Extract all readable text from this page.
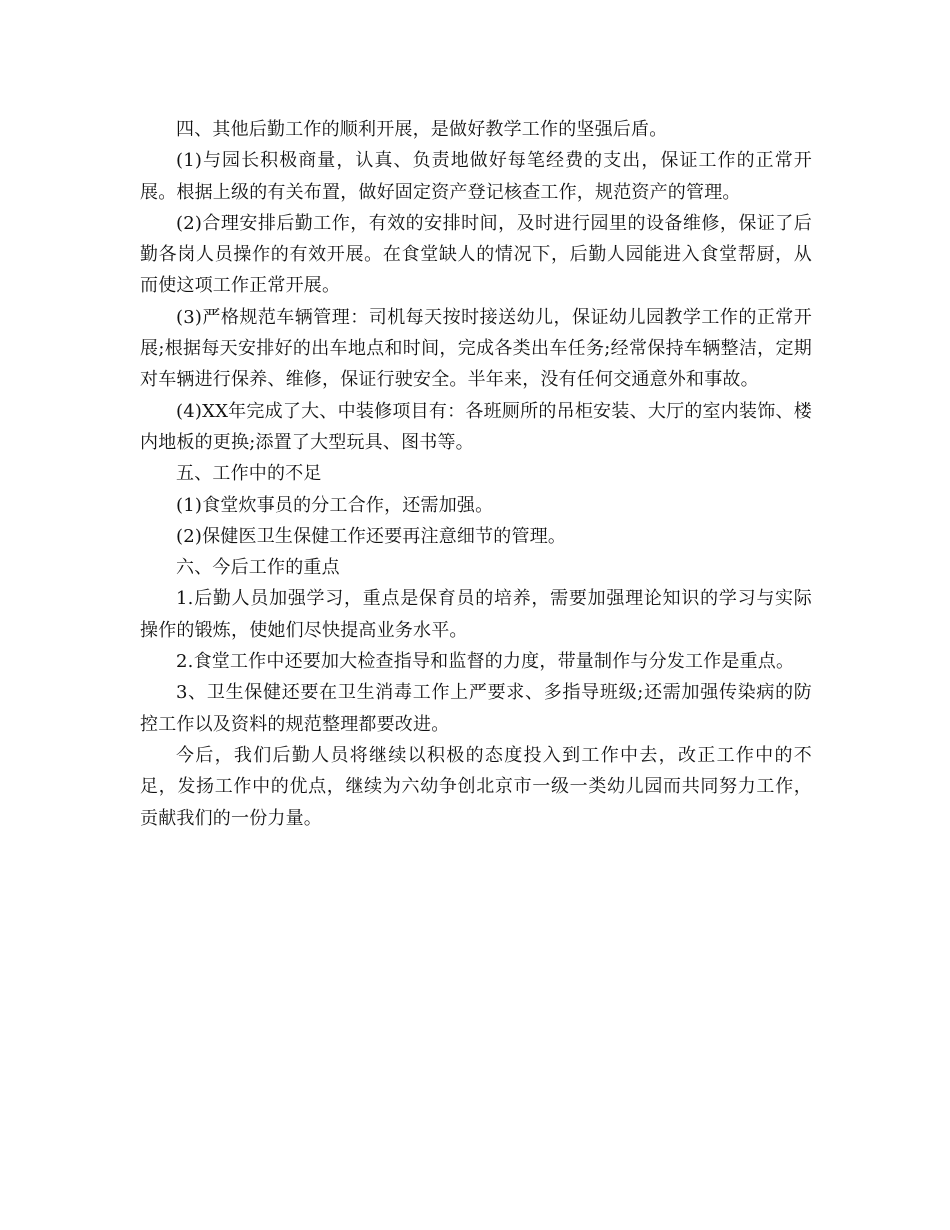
四、其他后勤工作的顺利开展，是做好教学工作的坚强后盾。

(1)与园长积极商量，认真、负责地做好每笔经费的支出，保证工作的正常开展。根据上级的有关布置，做好固定资产登记核查工作，规范资产的管理。

(2)合理安排后勤工作，有效的安排时间，及时进行园里的设备维修，保证了后勤各岗人员操作的有效开展。在食堂缺人的情况下，后勤人园能进入食堂帮厨，从而使这项工作正常开展。

(3)严格规范车辆管理：司机每天按时接送幼儿，保证幼儿园教学工作的正常开展;根据每天安排好的出车地点和时间，完成各类出车任务;经常保持车辆整洁，定期对车辆进行保养、维修，保证行驶安全。半年来，没有任何交通意外和事故。

(4)XX年完成了大、中装修项目有：各班厕所的吊柜安装、大厅的室内装饰、楼内地板的更换;添置了大型玩具、图书等。

五、工作中的不足

(1)食堂炊事员的分工合作，还需加强。

(2)保健医卫生保健工作还要再注意细节的管理。

六、今后工作的重点

1.后勤人员加强学习，重点是保育员的培养，需要加强理论知识的学习与实际操作的锻炼，使她们尽快提高业务水平。

2.食堂工作中还要加大检查指导和监督的力度，带量制作与分发工作是重点。

3、卫生保健还要在卫生消毒工作上严要求、多指导班级;还需加强传染病的防控工作以及资料的规范整理都要改进。

今后，我们后勤人员将继续以积极的态度投入到工作中去，改正工作中的不足，发扬工作中的优点，继续为六幼争创北京市一级一类幼儿园而共同努力工作，贡献我们的一份力量。
